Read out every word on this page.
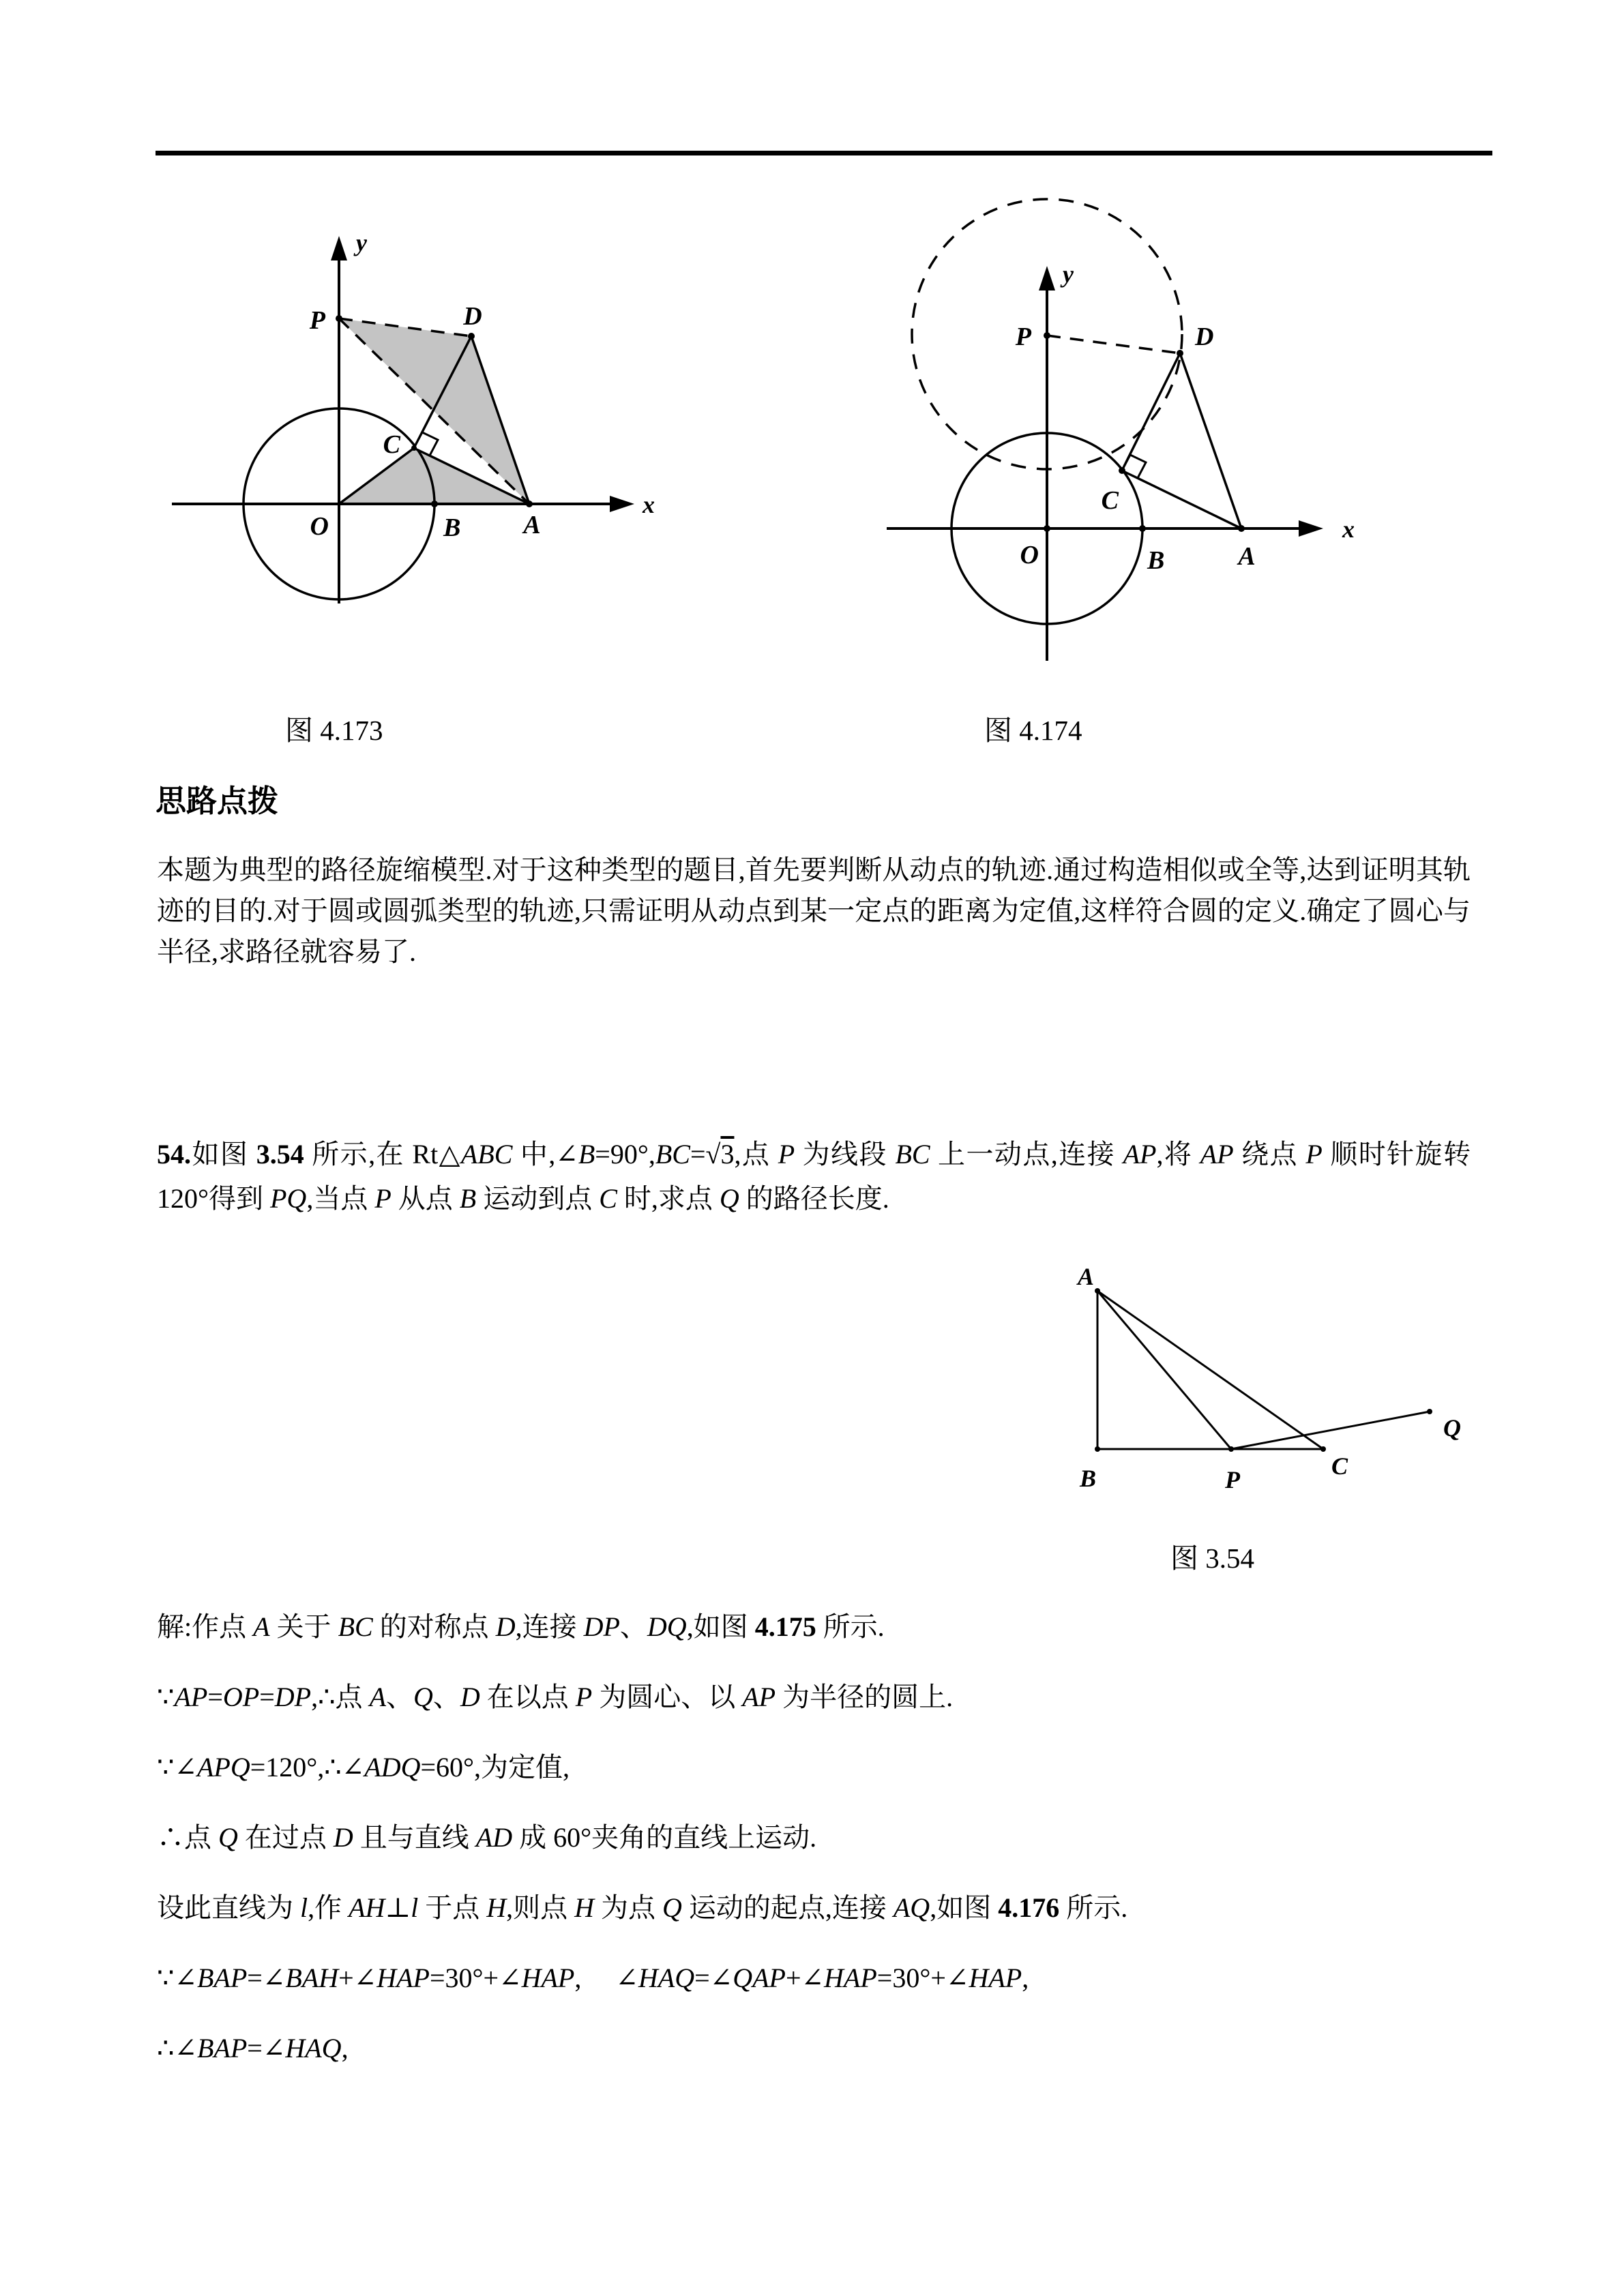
P	D
C
O	B A
x
y
图 4.173
P	D
C
O	B	A
x
y
图 4.174
思路点拨
本题为典型的路径旋缩模型.对于这种类型的题目,首先要判断从动点的轨迹.通过构造相似或全等,达到证明其轨迹的目的.对于圆或圆弧类型的轨迹,只需证明从动点到某一定点的距离为定值,这样符合圆的定义.确定了圆心与半径,求路径就容易了.
54.如图 3.54 所示,在 Rt△ABC 中,∠B=90°,BC=√3,点 P 为线段 BC 上一动点,连接 AP,将 AP 绕点 P 顺时针旋转 120°得到 PQ,当点 P 从点 B 运动到点 C 时,求点 Q 的路径长度.
A
B	P	C
Q
图 3.54
解:作点 A 关于 BC 的对称点 D,连接 DP、DQ,如图 4.175 所示.
∵AP=OP=DP,∴点 A、Q、D 在以点 P 为圆心、以 AP 为半径的圆上.
∵∠APQ=120°,∴∠ADQ=60°,为定值,
∴点 Q 在过点 D 且与直线 AD 成 60°夹角的直线上运动.
设此直线为 l,作 AH⊥l 于点 H,则点 H 为点 Q 运动的起点,连接 AQ,如图 4.176 所示.
∵∠BAP=∠BAH+∠HAP=30°+∠HAP,　 ∠HAQ=∠QAP+∠HAP=30°+∠HAP,
∴∠BAP=∠HAQ,
